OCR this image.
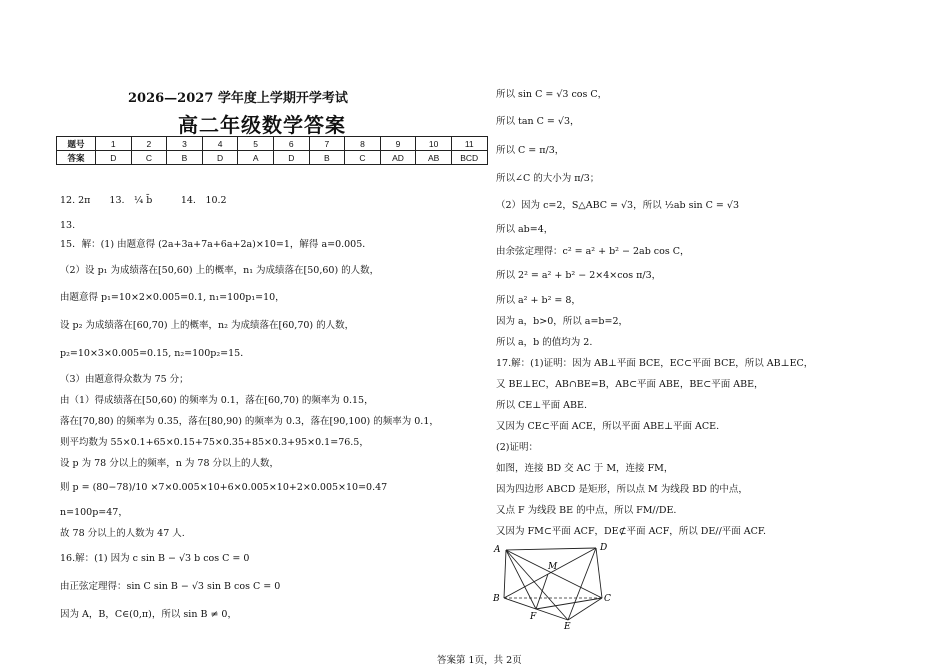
2026—2027 学年度上学期开学考试
高二年级数学答案
题号	1	2	3	4	5	6	7	8	9	10	11
答案	D	C	B	D	A	D	B	C	AD	AB	BCD
12. 2π　　13.　¼ b̄　　　14.　10.2
13.
15．解：(1) 由题意得 (2a+3a+7a+6a+2a)×10=1，解得 a=0.005．
（2）设 p₁ 为成绩落在[50,60) 上的概率，n₁ 为成绩落在[50,60) 的人数，
由题意得 p₁=10×2×0.005=0.1, n₁=100p₁=10，
设 p₂ 为成绩落在[60,70) 上的概率，n₂ 为成绩落在[60,70) 的人数，
p₂=10×3×0.005=0.15, n₂=100p₂=15．
（3）由题意得众数为 75 分；
由（1）得成绩落在[50,60) 的频率为 0.1，落在[60,70) 的频率为 0.15，
落在[70,80) 的频率为 0.35，落在[80,90) 的频率为 0.3，落在[90,100) 的频率为 0.1，
则平均数为 55×0.1+65×0.15+75×0.35+85×0.3+95×0.1=76.5，
设 p 为 78 分以上的频率，n 为 78 分以上的人数，
则 p = (80−78)/10 ×7×0.005×10+6×0.005×10+2×0.005×10=0.47
n=100p=47，
故 78 分以上的人数为 47 人.
16.解：(1) 因为 c sin B − √3 b cos C = 0
由正弦定理得：sin C sin B − √3 sin B cos C = 0
因为 A，B，C∈(0,π)，所以 sin B ≠ 0，
所以 sin C = √3 cos C，
所以 tan C = √3，
所以 C = π/3，
所以∠C 的大小为 π/3；
（2）因为 c=2，S△ABC = √3，所以 ½ab sin C = √3
所以 ab=4，
由余弦定理得：c² = a² + b² − 2ab cos C，
所以 2² = a² + b² − 2×4×cos π/3，
所以 a² + b² = 8，
因为 a，b>0，所以 a=b=2，
所以 a，b 的值均为 2.
17.解：(1)证明：因为 AB⊥平面 BCE，EC⊂平面 BCE，所以 AB⊥EC，
又 BE⊥EC，AB∩BE=B，AB⊂平面 ABE，BE⊂平面 ABE，
所以 CE⊥平面 ABE.
又因为 CE⊂平面 ACE，所以平面 ABE⊥平面 ACE.
(2)证明：
如图，连接 BD 交 AC 于 M，连接 FM，
因为四边形 ABCD 是矩形，所以点 M 为线段 BD 的中点，
又点 F 为线段 BE 的中点，所以 FM//DE.
又因为 FM⊂平面 ACF，DE⊄平面 ACF，所以 DE//平面 ACF.
A	D
M
B	C
F
E
答案第 1页，共 2页
